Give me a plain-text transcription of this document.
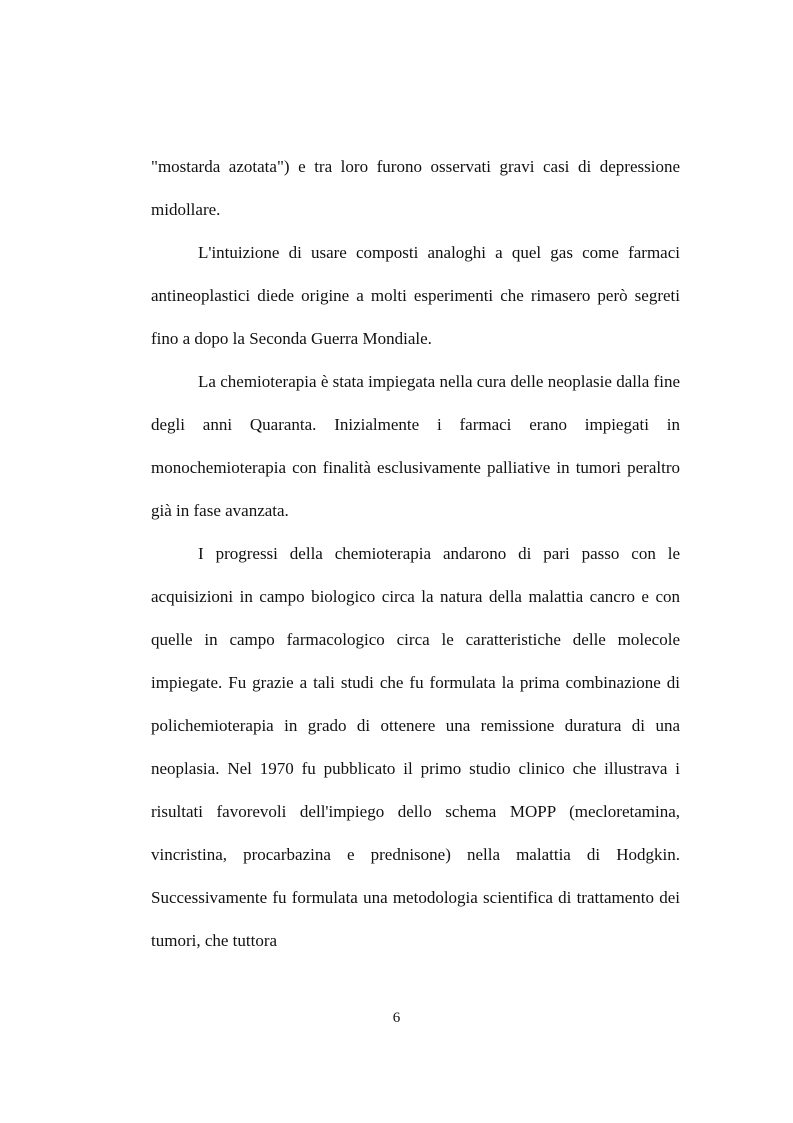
"mostarda azotata") e tra loro furono osservati gravi casi di depressione midollare.

L'intuizione di usare composti analoghi a quel gas come farmaci antineoplastici diede origine a molti esperimenti che rimasero però segreti fino a dopo la Seconda Guerra Mondiale.

La chemioterapia è stata impiegata nella cura delle neoplasie dalla fine degli anni Quaranta. Inizialmente i farmaci erano impiegati in monochemioterapia con finalità esclusivamente palliative in tumori peraltro già in fase avanzata.

I progressi della chemioterapia andarono di pari passo con le acquisizioni in campo biologico circa la natura della malattia cancro e con quelle in campo farmacologico circa le caratteristiche delle molecole impiegate. Fu grazie a tali studi che fu formulata la prima combinazione di polichemioterapia in grado di ottenere una remissione duratura di una neoplasia. Nel 1970 fu pubblicato il primo studio clinico che illustrava i risultati favorevoli dell'impiego dello schema MOPP (mecloretamina, vincristina, procarbazina e prednisone) nella malattia di Hodgkin. Successivamente fu formulata una metodologia scientifica di trattamento dei tumori, che tuttora

6
